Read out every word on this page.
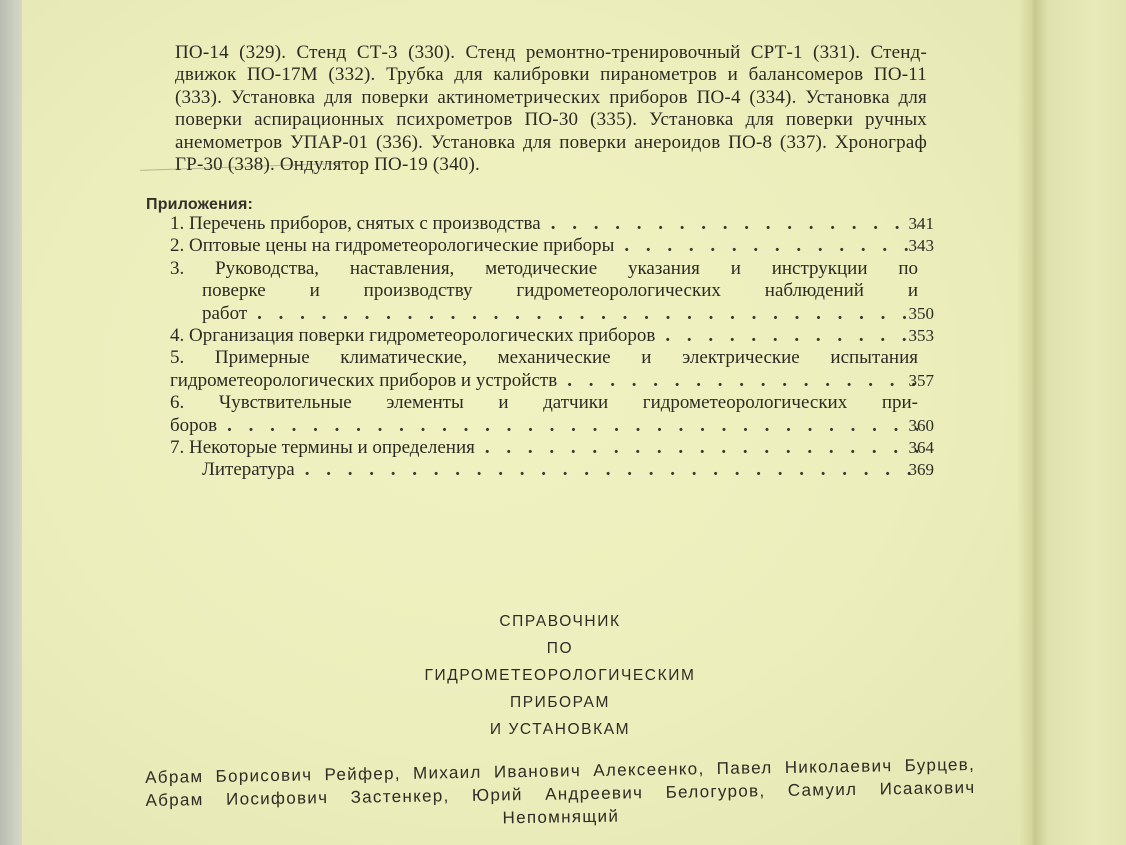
ПО-14 (329). Стенд СТ-3 (330). Стенд ремонтно-тренировочный СРТ-1 (331). Стенд-движок ПО-17М (332). Трубка для калибровки пиранометров и балансомеров ПО-11 (333). Установка для поверки актинометрических приборов ПО-4 (334). Установка для поверки аспирационных психрометров ПО-30 (335). Установка для поверки ручных анемометров УПАР-01 (336). Установка для поверки анероидов ПО-8 (337). Хронограф ГР-30 (338). Ондулятор ПО-19 (340).

Приложения:
1. Перечень приборов, снятых с производства . . .	341
2. Оптовые цены на гидрометеорологические приборы . . .	343
3. Руководства, наставления, методические указания и инструкции по
поверке и производству гидрометеорологических наблюдений и
работ . . .	350
4. Организация поверки гидрометеорологических приборов . . .	353
5. Примерные климатические, механические и электрические испытания
гидрометеорологических приборов и устройств . . .	357
6. Чувствительные элементы и датчики гидрометеорологических при-
боров . . .	360
7. Некоторые термины и определения . . .	364
Литература . . .	369
СПРАВОЧНИК
ПО
ГИДРОМЕТЕОРОЛОГИЧЕСКИМ
ПРИБОРАМ
И УСТАНОВКАМ
Абрам Борисович Рейфер, Михаил Иванович Алексеенко, Павел Николаевич Бурцев, Абрам Иосифович Застенкер, Юрий Андреевич Белогуров, Самуил Исаакович Непомнящий
